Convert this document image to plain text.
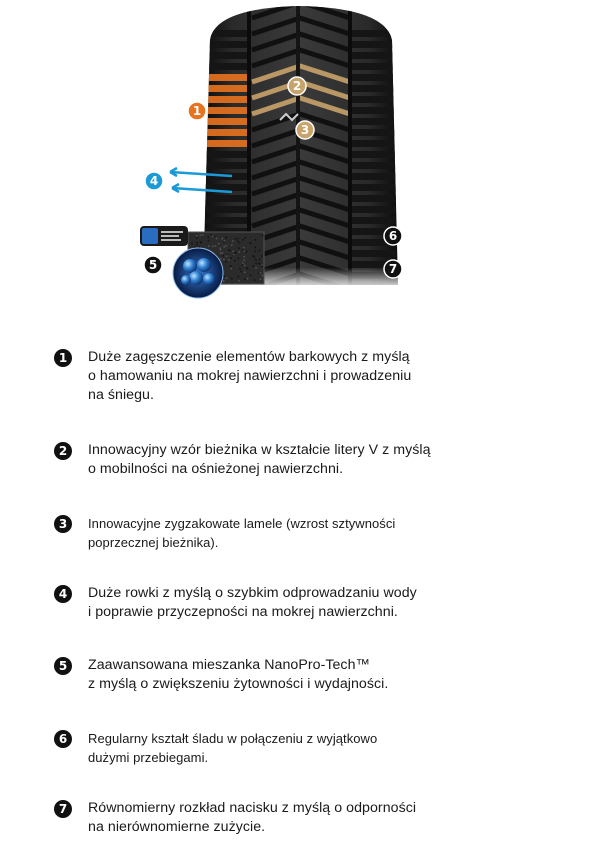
1
2
3
4
5
6
7
1	Duże zagęszczenie elementów barkowych z myślą
o hamowaniu na mokrej nawierzchni i prowadzeniu
na śniegu.
2	Innowacyjny wzór bieżnika w kształcie litery V z myślą
o mobilności na ośnieżonej nawierzchni.
3	Innowacyjne zygzakowate lamele (wzrost sztywności
poprzecznej bieżnika).
4	Duże rowki z myślą o szybkim odprowadzaniu wody
i poprawie przyczepności na mokrej nawierzchni.
5	Zaawansowana mieszanka NanoPro-Tech™
z myślą o zwiększeniu żytowności i wydajności.
6	Regularny kształt śladu w połączeniu z wyjątkowo
dużymi przebiegami.
7	Równomierny rozkład nacisku z myślą o odporności
na nierównomierne zużycie.
